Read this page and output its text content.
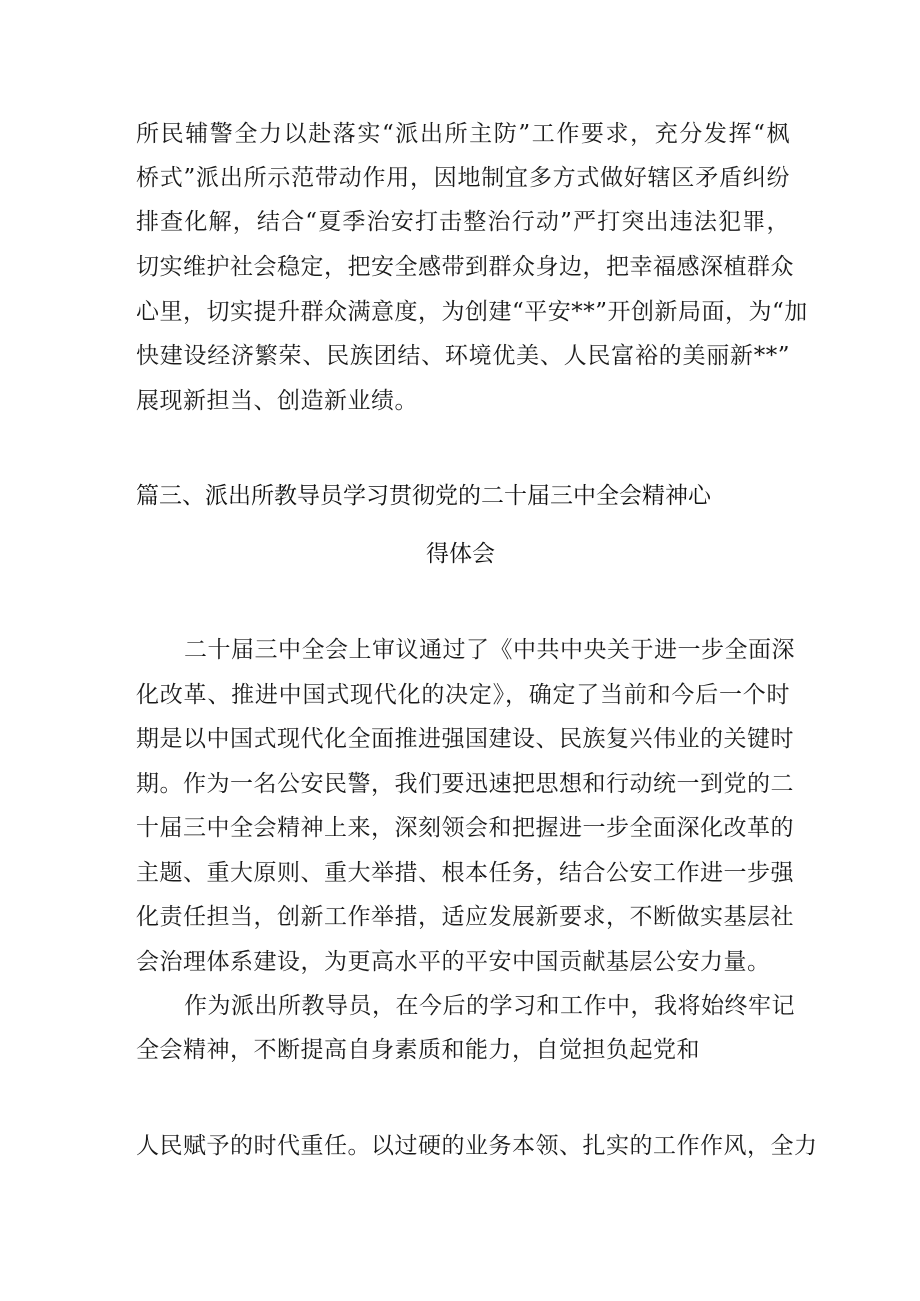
所民辅警全力以赴落实“派出所主防”工作要求，充分发挥“枫
桥式”派出所示范带动作用，因地制宜多方式做好辖区矛盾纠纷
排查化解，结合“夏季治安打击整治行动”严打突出违法犯罪，
切实维护社会稳定，把安全感带到群众身边，把幸福感深植群众
心里，切实提升群众满意度，为创建“平安**”开创新局面，为“加
快建设经济繁荣、民族团结、环境优美、人民富裕的美丽新**”
展现新担当、创造新业绩。
篇三、派出所教导员学习贯彻党的二十届三中全会精神心
得体会
二十届三中全会上审议通过了《中共中央关于进一步全面深
化改革、推进中国式现代化的决定》，确定了当前和今后一个时
期是以中国式现代化全面推进强国建设、民族复兴伟业的关键时
期。作为一名公安民警，我们要迅速把思想和行动统一到党的二
十届三中全会精神上来，深刻领会和把握进一步全面深化改革的
主题、重大原则、重大举措、根本任务，结合公安工作进一步强
化责任担当，创新工作举措，适应发展新要求，不断做实基层社
会治理体系建设，为更高水平的平安中国贡献基层公安力量。
作为派出所教导员，在今后的学习和工作中，我将始终牢记
全会精神，不断提高自身素质和能力，自觉担负起党和
人民赋予的时代重任。以过硬的业务本领、扎实的工作作风，全力
